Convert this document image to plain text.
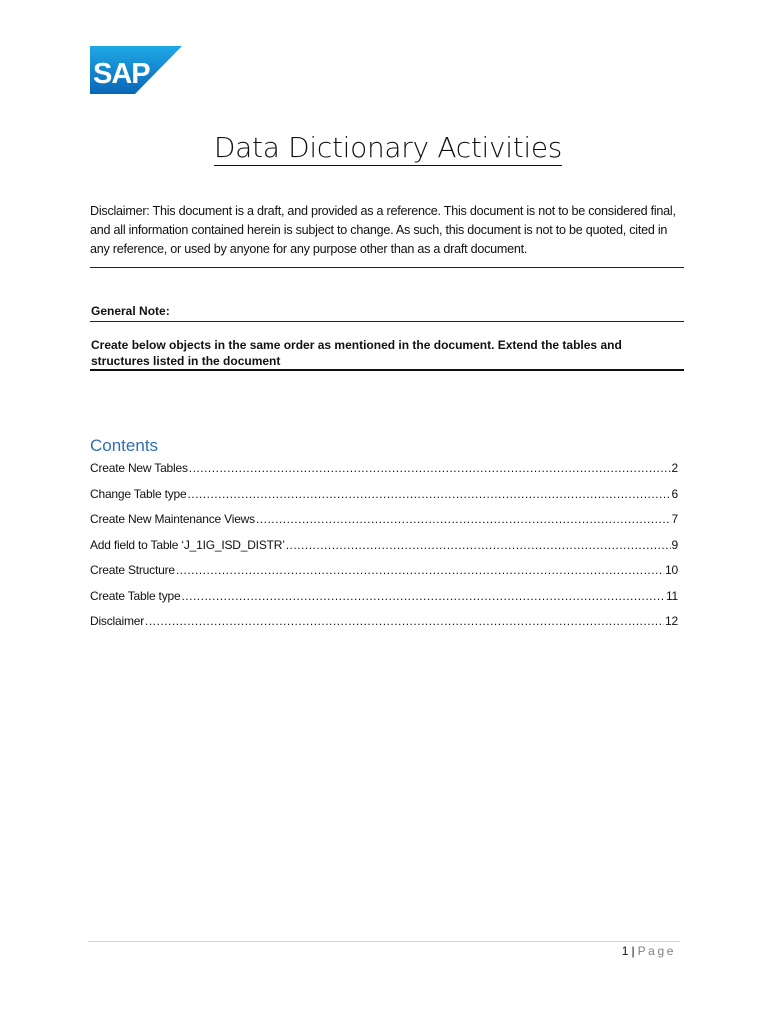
SAP
®
Data Dictionary Activities

Disclaimer: This document is a draft, and provided as a reference. This document is not to be considered final, and all information contained herein is subject to change. As such, this document is not to be quoted, cited in any reference, or used by anyone for any purpose other than as a draft document.

General Note:

Create below objects in the same order as mentioned in the document. Extend the tables and structures listed in the document

Contents
Create New Tables .....	2
Change Table type .....	6
Create New Maintenance Views .....	7
Add field to Table ‘J_1IG_ISD_DISTR’ .....	9
Create Structure .....	10
Create Table type .....	11
Disclaimer .....	12
1 | Page
